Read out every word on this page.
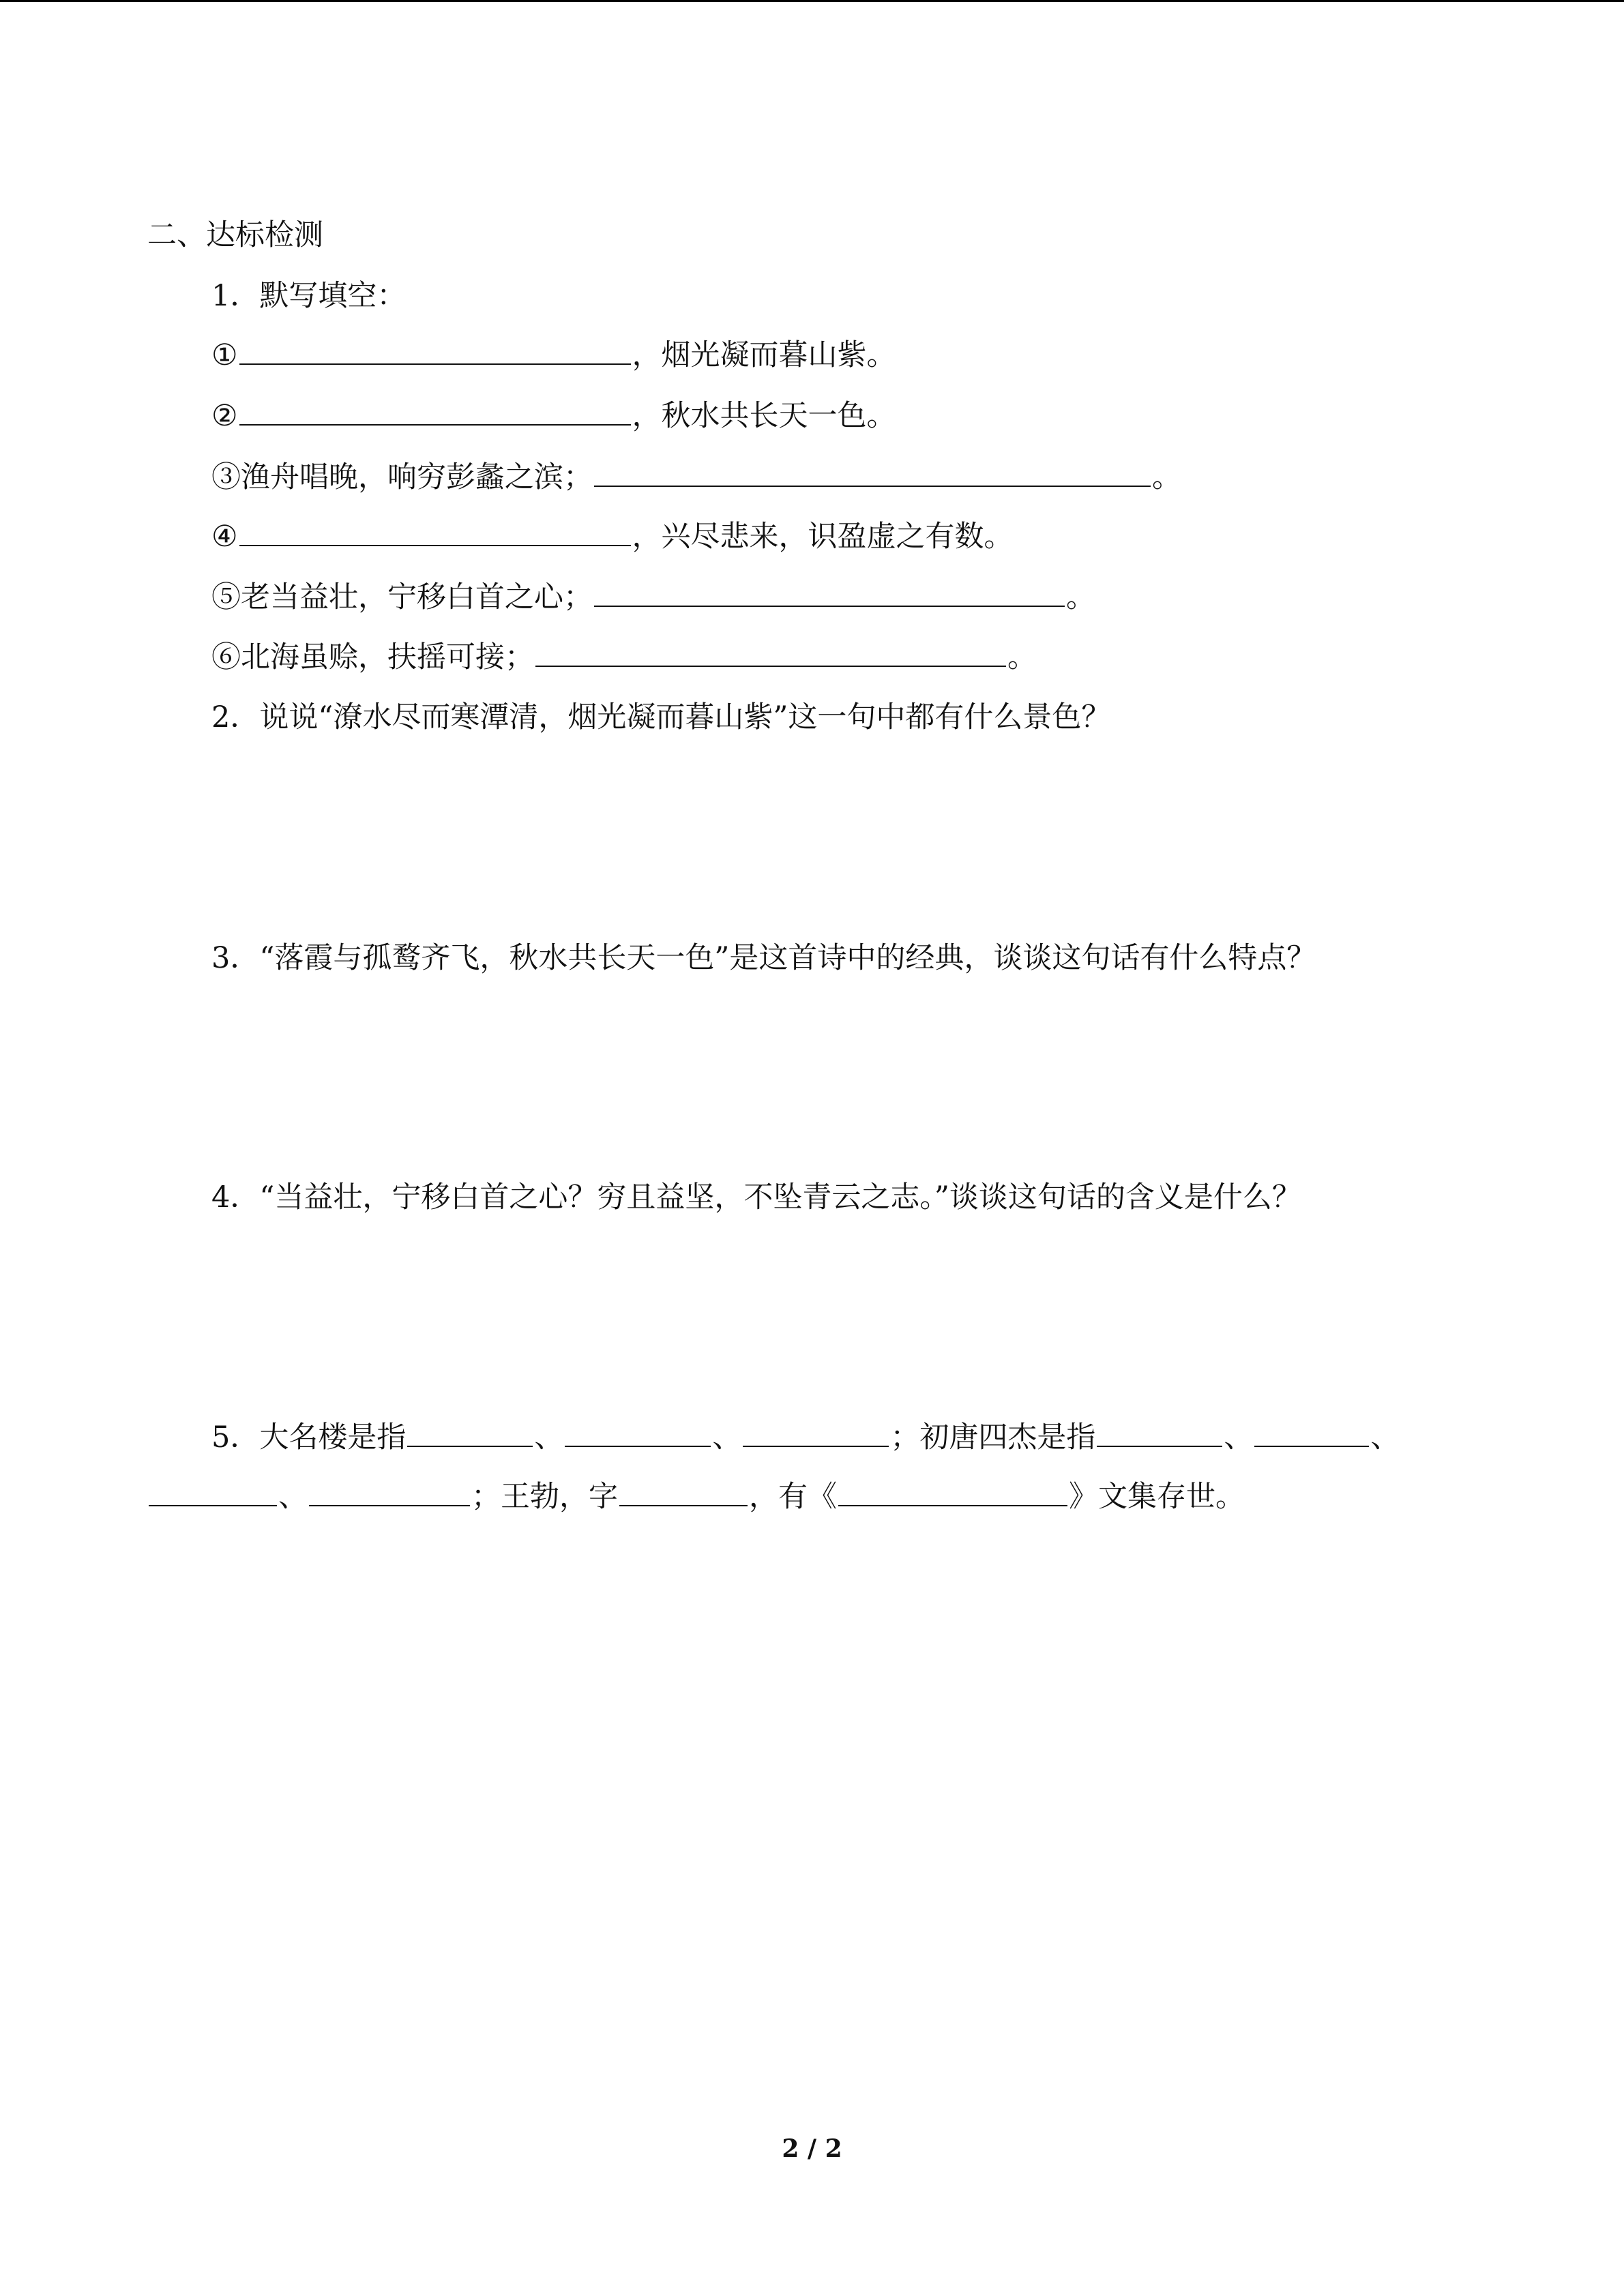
二、达标检测
1．默写填空：
①	，烟光凝而暮山紫。
②	，秋水共长天一色。
③渔舟唱晚，响穷彭蠡之滨；	。
④	，兴尽悲来，识盈虚之有数。
⑤老当益壮，宁移白首之心；	。
⑥北海虽赊，扶摇可接；	。
2．说说“潦水尽而寒潭清，烟光凝而暮山紫”这一句中都有什么景色？
3．“落霞与孤鹜齐飞，秋水共长天一色”是这首诗中的经典，谈谈这句话有什么特点？
4．“当益壮，宁移白首之心？穷且益坚，不坠青云之志。”谈谈这句话的含义是什么？
5．大名楼是指	、	、	；初唐四杰是指	、	、
、	；王勃，字	，有《	》文集存世。
2 / 2
